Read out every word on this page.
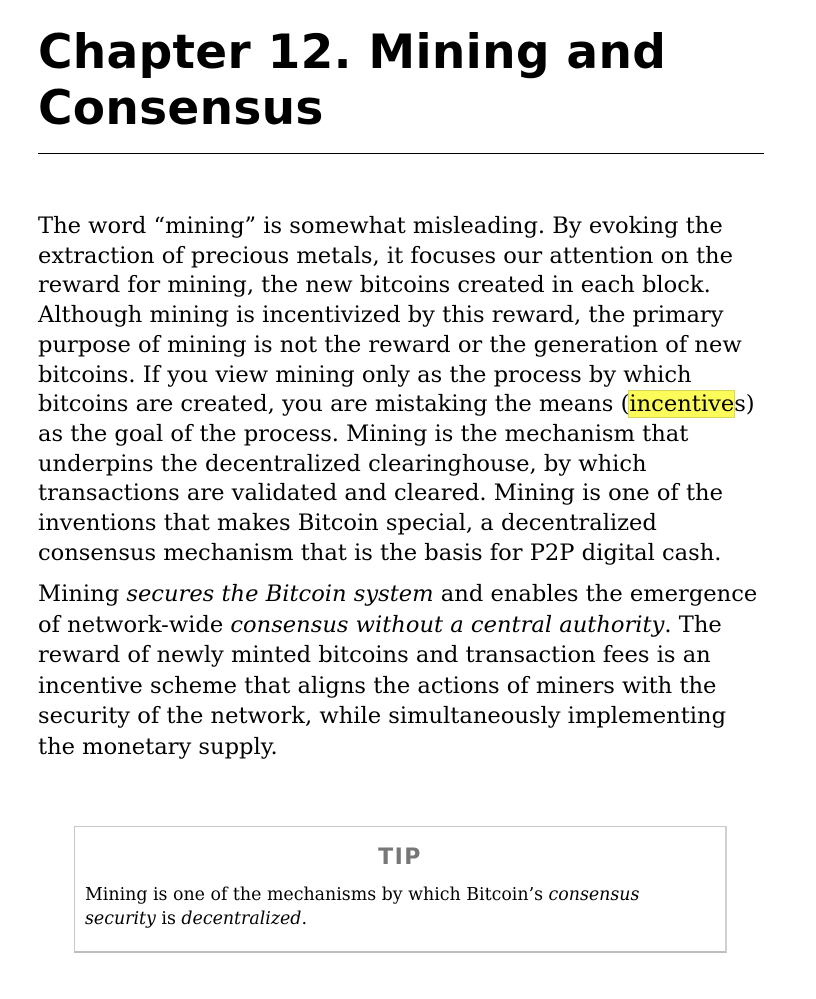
Chapter 12. Mining and Consensus

The word “mining” is somewhat misleading. By evoking the extraction of precious metals, it focuses our attention on the reward for mining, the new bitcoins created in each block. Although mining is incentivized by this reward, the primary purpose of mining is not the reward or the generation of new bitcoins. If you view mining only as the process by which bitcoins are created, you are mistaking the means (incentives) as the goal of the process. Mining is the mechanism that underpins the decentralized clearinghouse, by which transactions are validated and cleared. Mining is one of the inventions that makes Bitcoin special, a decentralized consensus mechanism that is the basis for P2P digital cash.

Mining secures the Bitcoin system and enables the emergence of network-wide consensus without a central authority. The reward of newly minted bitcoins and transaction fees is an incentive scheme that aligns the actions of miners with the security of the network, while simultaneously implementing the monetary supply.

TIP

Mining is one of the mechanisms by which Bitcoin’s consensus security is decentralized.
